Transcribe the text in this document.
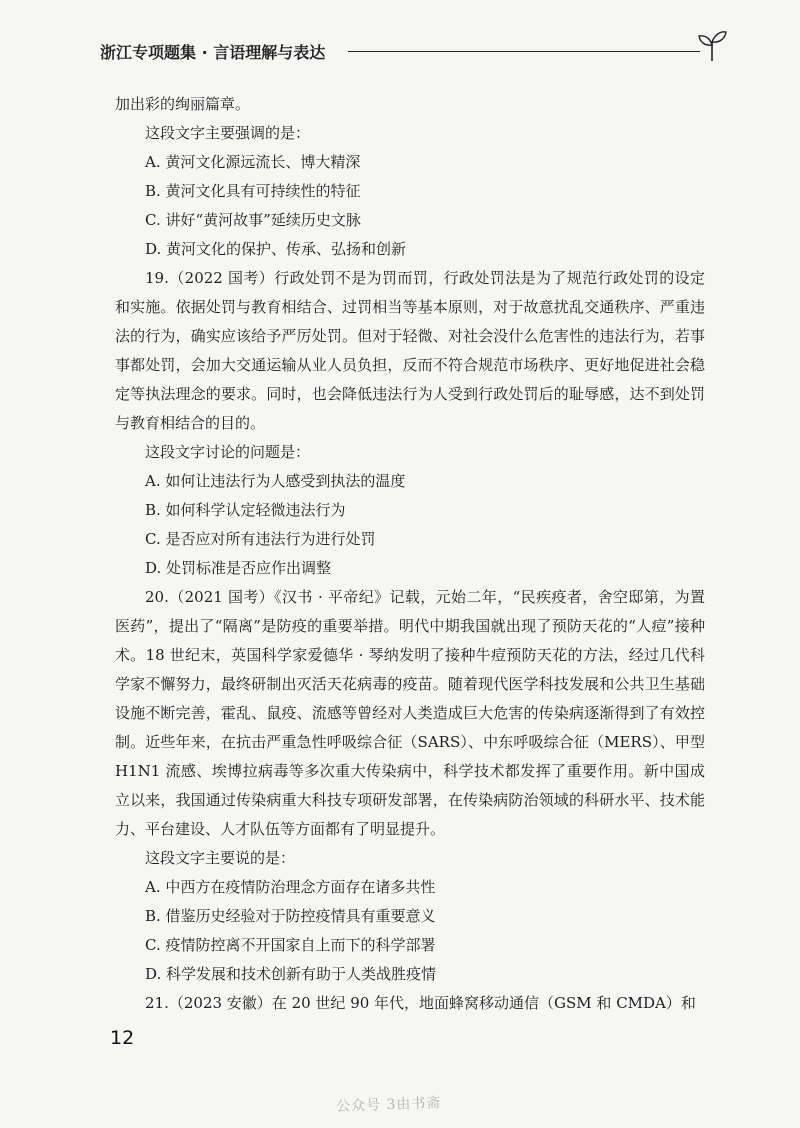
浙江专项题集 · 言语理解与表达

加出彩的绚丽篇章。

这段文字主要强调的是：

A. 黄河文化源远流长、博大精深

B. 黄河文化具有可持续性的特征

C. 讲好“黄河故事”延续历史文脉

D. 黄河文化的保护、传承、弘扬和创新

19.（2022 国考）行政处罚不是为罚而罚，行政处罚法是为了规范行政处罚的设定和实施。依据处罚与教育相结合、过罚相当等基本原则，对于故意扰乱交通秩序、严重违法的行为，确实应该给予严厉处罚。但对于轻微、对社会没什么危害性的违法行为，若事事都处罚，会加大交通运输从业人员负担，反而不符合规范市场秩序、更好地促进社会稳定等执法理念的要求。同时，也会降低违法行为人受到行政处罚后的耻辱感，达不到处罚与教育相结合的目的。

这段文字讨论的问题是：

A. 如何让违法行为人感受到执法的温度

B. 如何科学认定轻微违法行为

C. 是否应对所有违法行为进行处罚

D. 处罚标准是否应作出调整

20.（2021 国考）《汉书 · 平帝纪》记载，元始二年，“民疾疫者，舍空邸第，为置医药”，提出了“隔离”是防疫的重要举措。明代中期我国就出现了预防天花的“人痘”接种术。18 世纪末，英国科学家爱德华 · 琴纳发明了接种牛痘预防天花的方法，经过几代科学家不懈努力，最终研制出灭活天花病毒的疫苗。随着现代医学科技发展和公共卫生基础设施不断完善，霍乱、鼠疫、流感等曾经对人类造成巨大危害的传染病逐渐得到了有效控制。近些年来，在抗击严重急性呼吸综合征（SARS）、中东呼吸综合征（MERS）、甲型 H1N1 流感、埃博拉病毒等多次重大传染病中，科学技术都发挥了重要作用。新中国成立以来，我国通过传染病重大科技专项研发部署，在传染病防治领域的科研水平、技术能力、平台建设、人才队伍等方面都有了明显提升。

这段文字主要说的是：

A. 中西方在疫情防治理念方面存在诸多共性

B. 借鉴历史经验对于防控疫情具有重要意义

C. 疫情防控离不开国家自上而下的科学部署

D. 科学发展和技术创新有助于人类战胜疫情

21.（2023 安徽）在 20 世纪 90 年代，地面蜂窝移动通信（GSM 和 CMDA）和

12
公众号 3由书斋
